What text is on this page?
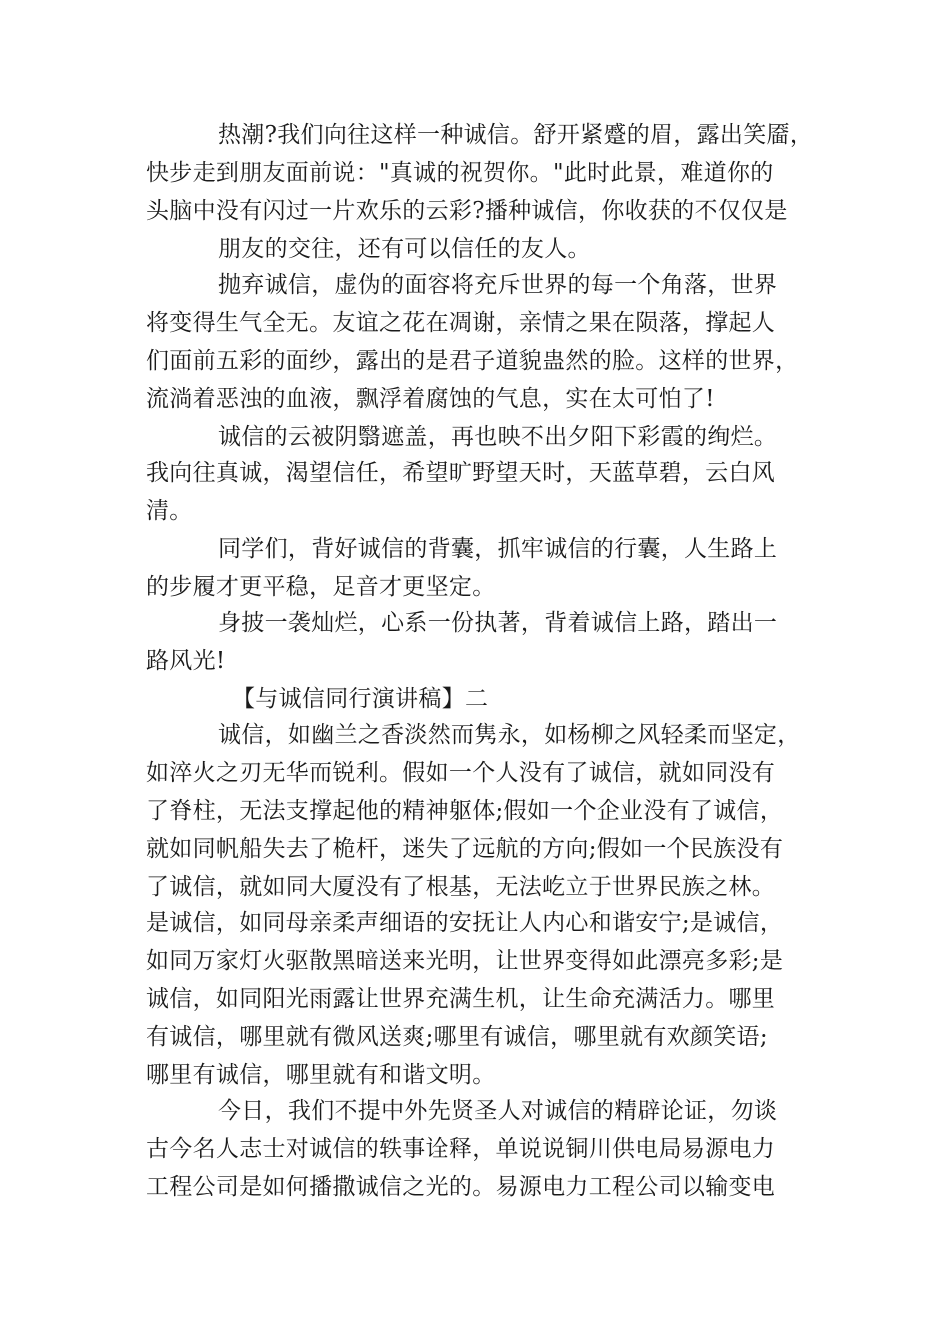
热潮?我们向往这样一种诚信。舒开紧蹙的眉，露出笑靥，
快步走到朋友面前说："真诚的祝贺你。"此时此景，难道你的
头脑中没有闪过一片欢乐的云彩?播种诚信，你收获的不仅仅是
朋友的交往，还有可以信任的友人。
抛弃诚信，虚伪的面容将充斥世界的每一个角落，世界
将变得生气全无。友谊之花在凋谢，亲情之果在陨落，撑起人
们面前五彩的面纱，露出的是君子道貌蛊然的脸。这样的世界，
流淌着恶浊的血液，飘浮着腐蚀的气息，实在太可怕了!
诚信的云被阴翳遮盖，再也映不出夕阳下彩霞的绚烂。
我向往真诚，渴望信任，希望旷野望天时，天蓝草碧，云白风
清。
同学们，背好诚信的背囊，抓牢诚信的行囊，人生路上
的步履才更平稳，足音才更坚定。
身披一袭灿烂，心系一份执著，背着诚信上路，踏出一
路风光!
【与诚信同行演讲稿】二
诚信，如幽兰之香淡然而隽永，如杨柳之风轻柔而坚定，
如淬火之刃无华而锐利。假如一个人没有了诚信，就如同没有
了脊柱，无法支撑起他的精神躯体;假如一个企业没有了诚信，
就如同帆船失去了桅杆，迷失了远航的方向;假如一个民族没有
了诚信，就如同大厦没有了根基，无法屹立于世界民族之林。
是诚信，如同母亲柔声细语的安抚让人内心和谐安宁;是诚信，
如同万家灯火驱散黑暗送来光明，让世界变得如此漂亮多彩;是
诚信，如同阳光雨露让世界充满生机，让生命充满活力。哪里
有诚信，哪里就有微风送爽;哪里有诚信，哪里就有欢颜笑语;
哪里有诚信，哪里就有和谐文明。
今日，我们不提中外先贤圣人对诚信的精辟论证，勿谈
古今名人志士对诚信的轶事诠释，单说说铜川供电局易源电力
工程公司是如何播撒诚信之光的。易源电力工程公司以输变电
